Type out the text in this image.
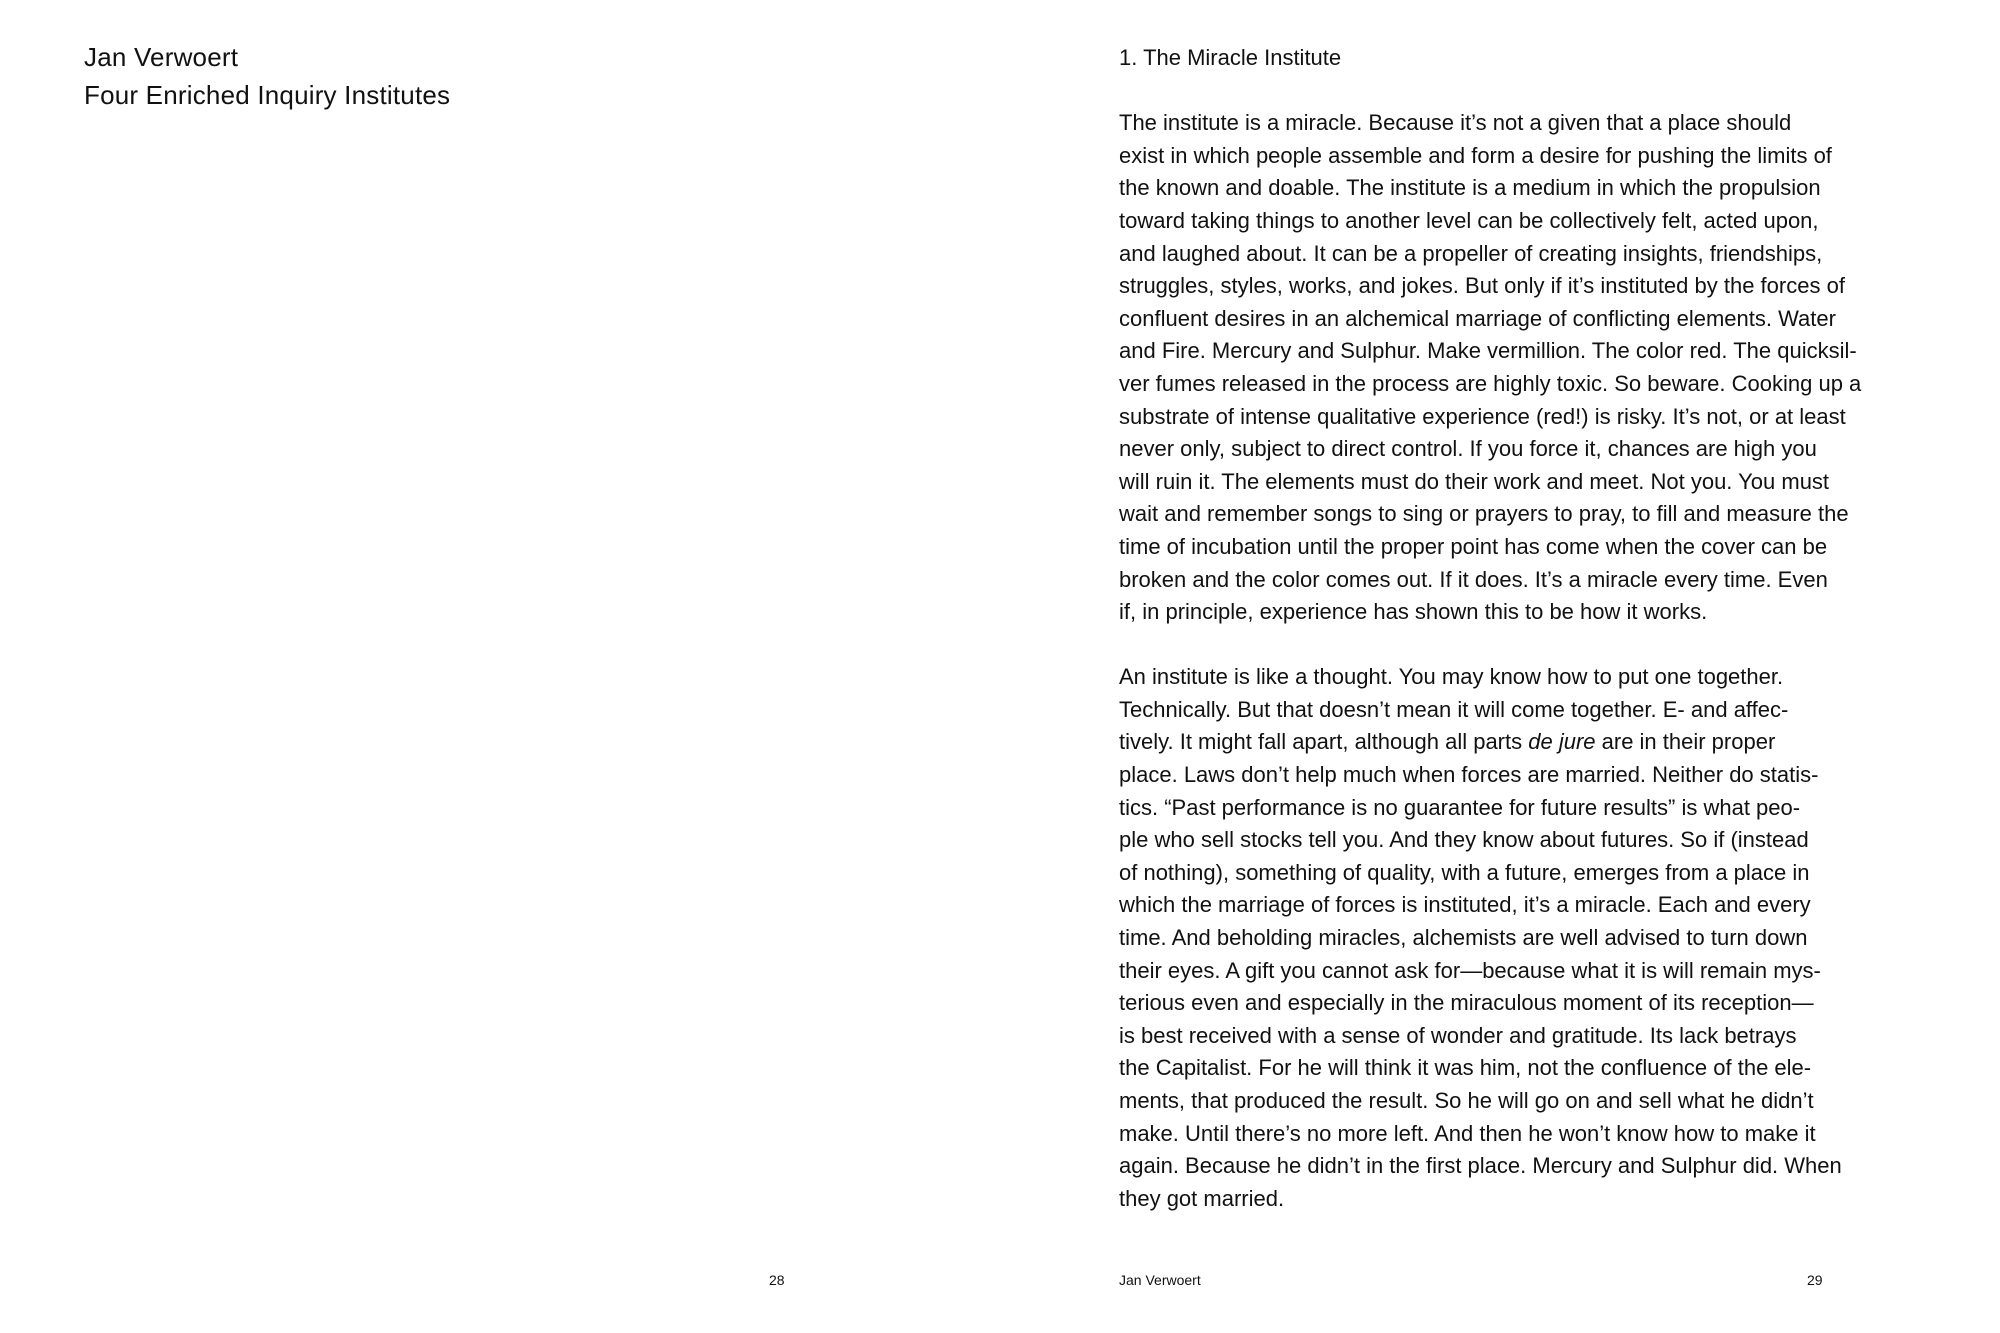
Jan Verwoert
Four Enriched Inquiry Institutes
28
1. The Miracle Institute
The institute is a miracle. Because it’s not a given that a place should
exist in which people assemble and form a desire for pushing the limits of
the known and doable. The institute is a medium in which the propulsion
toward taking things to another level can be collectively felt, acted upon,
and laughed about. It can be a propeller of creating insights, friendships,
struggles, styles, works, and jokes. But only if it’s instituted by the forces of
confluent desires in an alchemical marriage of conflicting elements. Water
and Fire. Mercury and Sulphur. Make vermillion. The color red. The quicksil-
ver fumes released in the process are highly toxic. So beware. Cooking up a
substrate of intense qualitative experience (red!) is risky. It’s not, or at least
never only, subject to direct control. If you force it, chances are high you
will ruin it. The elements must do their work and meet. Not you. You must
wait and remember songs to sing or prayers to pray, to fill and measure the
time of incubation until the proper point has come when the cover can be
broken and the color comes out. If it does. It’s a miracle every time. Even
if, in principle, experience has shown this to be how it works.
An institute is like a thought. You may know how to put one together.
Technically. But that doesn’t mean it will come together. E- and affec-
tively. It might fall apart, although all parts de jure are in their proper
place. Laws don’t help much when forces are married. Neither do statis-
tics. “Past performance is no guarantee for future results” is what peo-
ple who sell stocks tell you. And they know about futures. So if (instead
of nothing), something of quality, with a future, emerges from a place in
which the marriage of forces is instituted, it’s a miracle. Each and every
time. And beholding miracles, alchemists are well advised to turn down
their eyes. A gift you cannot ask for—because what it is will remain mys-
terious even and especially in the miraculous moment of its reception—
is best received with a sense of wonder and gratitude. Its lack betrays
the Capitalist. For he will think it was him, not the confluence of the ele-
ments, that produced the result. So he will go on and sell what he didn’t
make. Until there’s no more left. And then he won’t know how to make it
again. Because he didn’t in the first place. Mercury and Sulphur did. When
they got married.
Jan Verwoert	29
